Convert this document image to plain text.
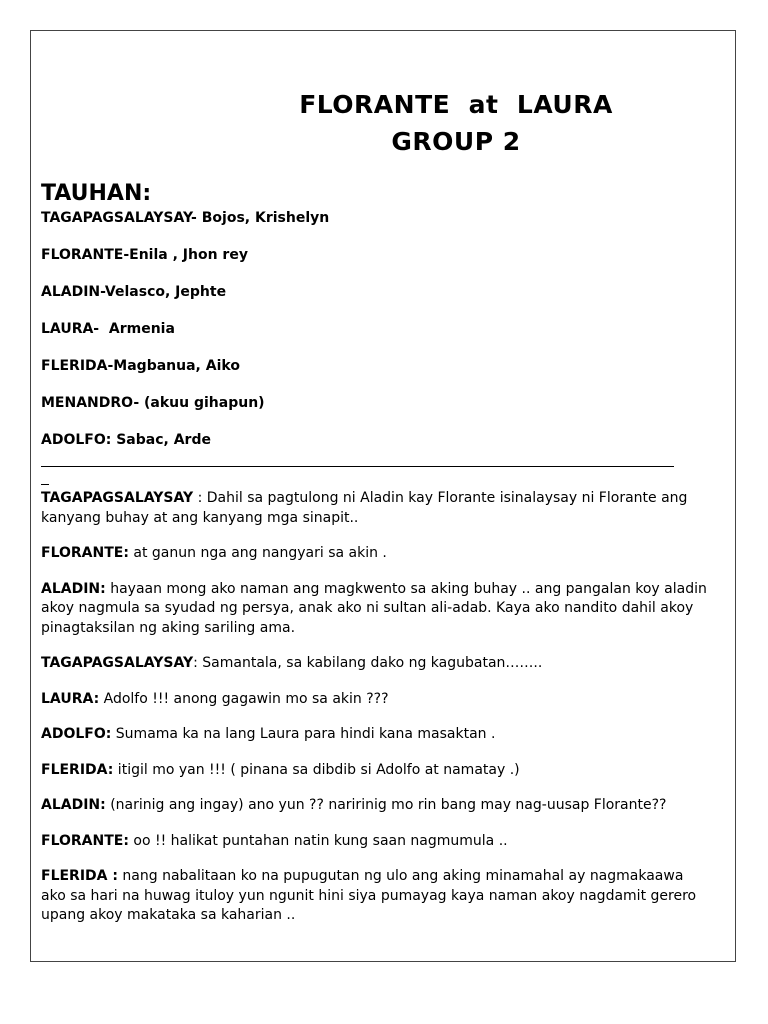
FLORANTE at LAURA
GROUP 2
TAUHAN:
TAGAPAGSALAYSAY- Bojos, Krishelyn
FLORANTE-Enila , Jhon rey
ALADIN-Velasco, Jephte
LAURA-  Armenia
FLERIDA-Magbanua, Aiko
MENANDRO- (akuu gihapun)
ADOLFO: Sabac, Arde

TAGAPAGSALAYSAY : Dahil sa pagtulong ni Aladin kay Florante isinalaysay ni Florante ang kanyang buhay at ang kanyang mga sinapit..

FLORANTE: at ganun nga ang nangyari sa akin .

ALADIN: hayaan mong ako naman ang magkwento sa aking buhay .. ang pangalan koy aladin akoy nagmula sa syudad ng persya, anak ako ni sultan ali-adab. Kaya ako nandito dahil akoy pinagtaksilan ng aking sariling ama.

TAGAPAGSALAYSAY: Samantala, sa kabilang dako ng kagubatan……..

LAURA: Adolfo !!! anong gagawin mo sa akin ???

ADOLFO: Sumama ka na lang Laura para hindi kana masaktan .

FLERIDA: itigil mo yan !!! ( pinana sa dibdib si Adolfo at namatay .)

ALADIN: (narinig ang ingay) ano yun ?? naririnig mo rin bang may nag-uusap Florante??

FLORANTE: oo !! halikat puntahan natin kung saan nagmumula ..

FLERIDA : nang nabalitaan ko na pupugutan ng ulo ang aking minamahal ay nagmakaawa ako sa hari na huwag ituloy yun ngunit hini siya pumayag kaya naman akoy nagdamit gerero upang akoy makataka sa kaharian ..
